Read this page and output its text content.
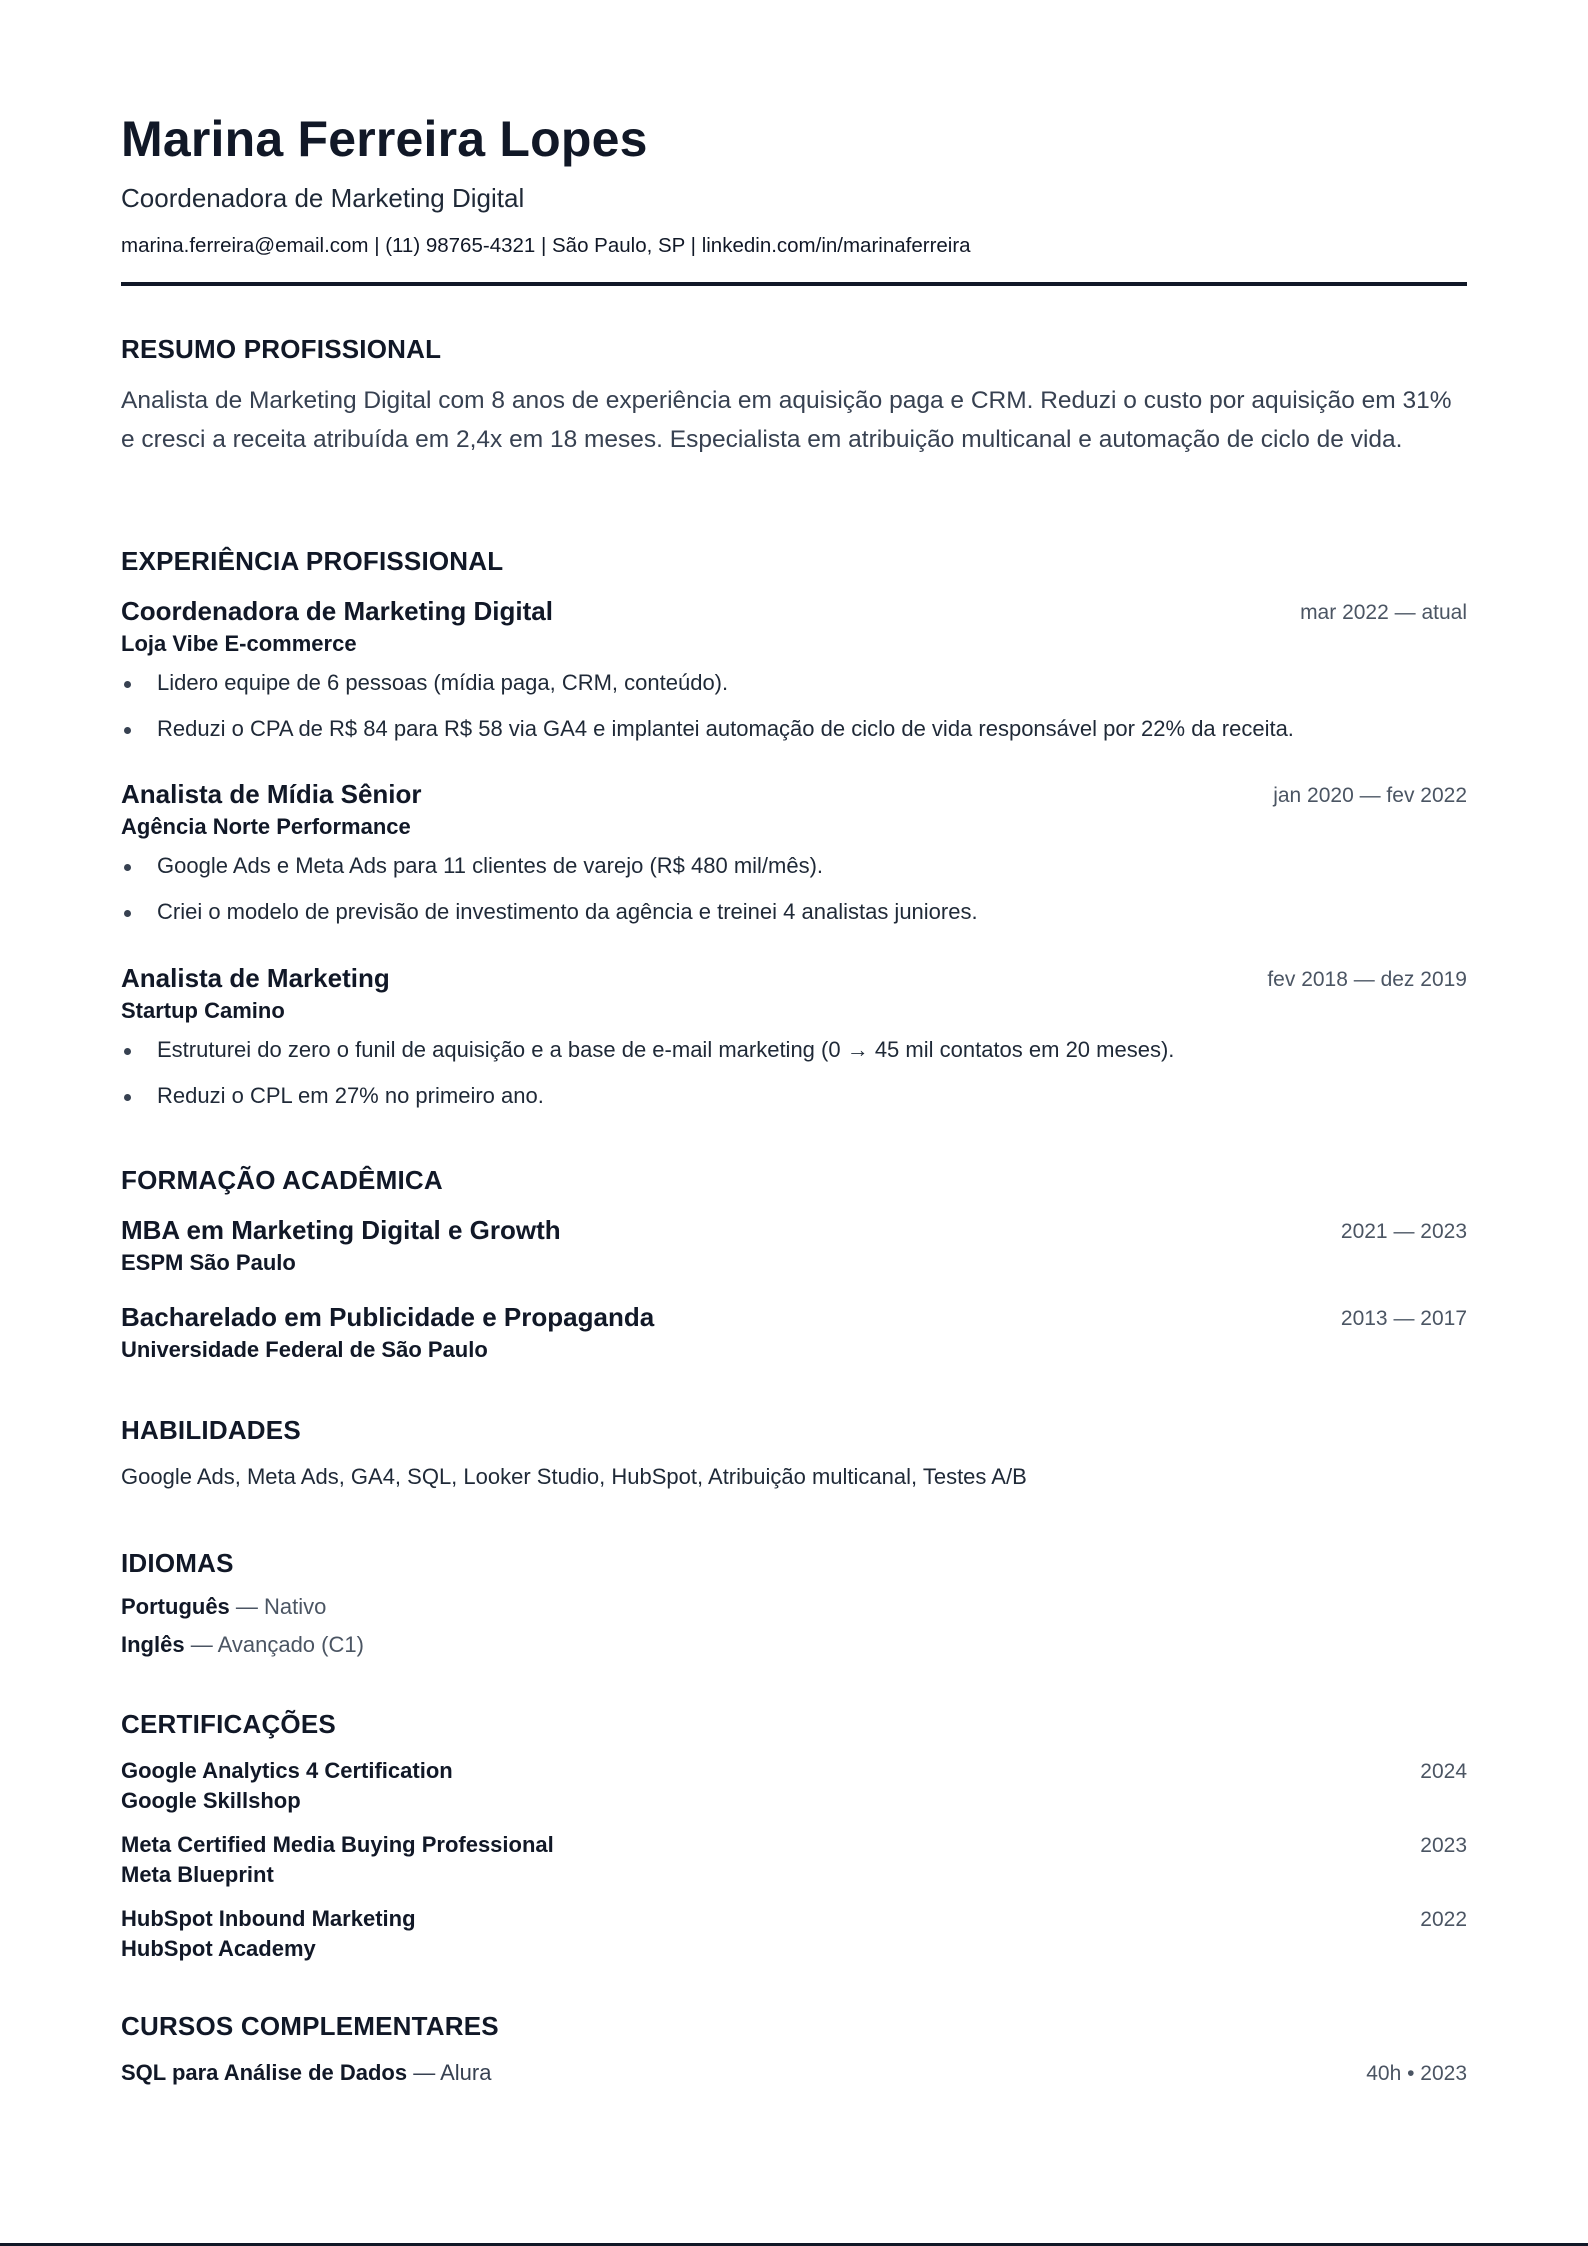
Marina Ferreira Lopes
Coordenadora de Marketing Digital
marina.ferreira@email.com | (11) 98765-4321 | São Paulo, SP | linkedin.com/in/marinaferreira
RESUMO PROFISSIONAL
Analista de Marketing Digital com 8 anos de experiência em aquisição paga e CRM. Reduzi o custo por aquisição em 31% e cresci a receita atribuída em 2,4x em 18 meses. Especialista em atribuição multicanal e automação de ciclo de vida.
EXPERIÊNCIA PROFISSIONAL
Coordenadora de Marketing Digital	mar 2022 — atual
Loja Vibe E-commerce
Lidero equipe de 6 pessoas (mídia paga, CRM, conteúdo).
Reduzi o CPA de R$ 84 para R$ 58 via GA4 e implantei automação de ciclo de vida responsável por 22% da receita.
Analista de Mídia Sênior	jan 2020 — fev 2022
Agência Norte Performance
Google Ads e Meta Ads para 11 clientes de varejo (R$ 480 mil/mês).
Criei o modelo de previsão de investimento da agência e treinei 4 analistas juniores.
Analista de Marketing	fev 2018 — dez 2019
Startup Camino
Estruturei do zero o funil de aquisição e a base de e-mail marketing (0 → 45 mil contatos em 20 meses).
Reduzi o CPL em 27% no primeiro ano.
FORMAÇÃO ACADÊMICA
MBA em Marketing Digital e Growth	2021 — 2023
ESPM São Paulo
Bacharelado em Publicidade e Propaganda	2013 — 2017
Universidade Federal de São Paulo
HABILIDADES
Google Ads, Meta Ads, GA4, SQL, Looker Studio, HubSpot, Atribuição multicanal, Testes A/B
IDIOMAS
Português — Nativo
Inglês — Avançado (C1)
CERTIFICAÇÕES
Google Analytics 4 Certification	2024
Google Skillshop
Meta Certified Media Buying Professional	2023
Meta Blueprint
HubSpot Inbound Marketing	2022
HubSpot Academy
CURSOS COMPLEMENTARES
SQL para Análise de Dados — Alura	40h • 2023
